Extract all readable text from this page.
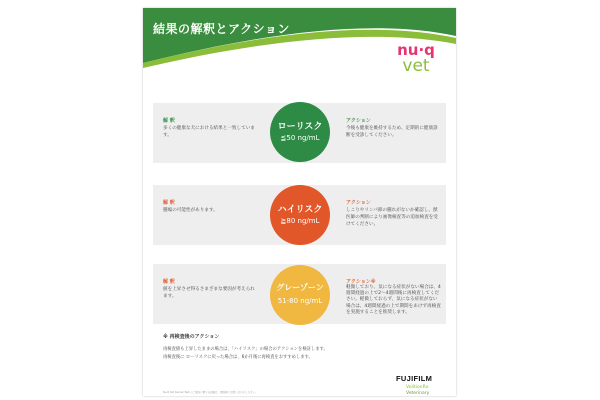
結果の解釈とアクション
nu·q
vet
解 釈
多くの健康な犬における結果と一致しています。
ローリスク
≦50 ng/mL
アクション
今後も健康を維持するため、定期的に健康診断を受診してください。
解 釈
腫瘍の可能性があります。	ハイリスク
≧80 ng/mL
アクション
しこりやリンパ節の腫れがないか確認し、獣医師の判断により画像検査等の追加検査を受けてください。
解 釈
値を上昇させ得るさまざまな要因が考えられます。
グレーゾーン
51-80 ng/mL
アクション※
軽微しており、気になる症状がない場合は、4週間経過の上で2〜4週間後に再検査してください。軽微しておらず、気になる症状がない場合は、4週間経過の上で期間をあけず再検査を実施することを推奨します。
※ 再検査後のアクション
再検査値も上昇したままの場合は、「ハイリスク」の場合のアクションを検討します。
再検査後に ローリスクに戻った場合は、6か月後に再検査をおすすめします。
Nu.Q Vet Cancer Test のご案内に関する詳細は、獣医師にお問い合わせください。
FUJIFILM
VolitionRx
Veterinary
